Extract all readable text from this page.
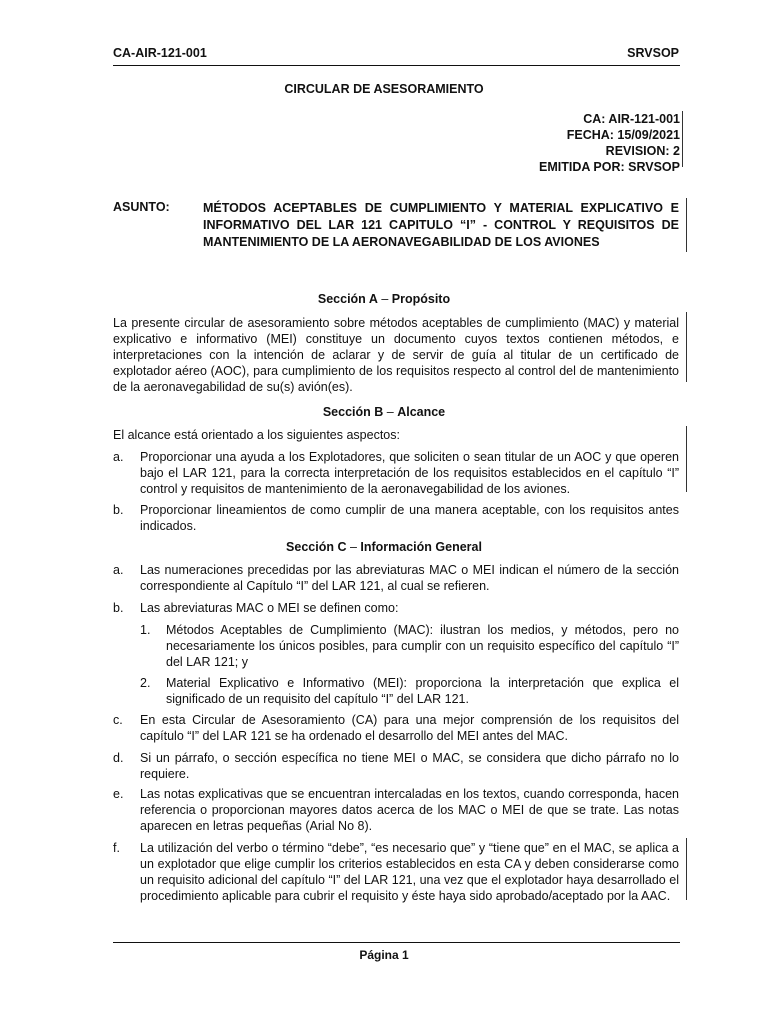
CA-AIR-121-001	SRVSOP
CIRCULAR DE ASESORAMIENTO
CA: AIR-121-001
FECHA: 15/09/2021
REVISION: 2
EMITIDA POR: SRVSOP
ASUNTO:	MÉTODOS ACEPTABLES DE CUMPLIMIENTO Y MATERIAL EXPLICATIVO E INFORMATIVO DEL LAR 121 CAPITULO “I” - CONTROL Y REQUISITOS DE MANTENIMIENTO DE LA AERONAVEGABILIDAD DE LOS AVIONES
Sección A – Propósito
La presente circular de asesoramiento sobre métodos aceptables de cumplimiento (MAC) y material explicativo e informativo (MEI) constituye un documento cuyos textos contienen métodos, e interpretaciones con la intención de aclarar y de servir de guía al titular de un certificado de explotador aéreo (AOC), para cumplimiento de los requisitos respecto al control del de mantenimiento de la aeronavegabilidad de su(s) avión(es).
Sección B – Alcance
El alcance está orientado a los siguientes aspectos:
a. Proporcionar una ayuda a los Explotadores, que soliciten o sean titular de un AOC y que operen bajo el LAR 121, para la correcta interpretación de los requisitos establecidos en el capítulo “I” control y requisitos de mantenimiento de la aeronavegabilidad de los aviones.
b. Proporcionar lineamientos de como cumplir de una manera aceptable, con los requisitos antes indicados.
Sección C – Información General
a. Las numeraciones precedidas por las abreviaturas MAC o MEI indican el número de la sección correspondiente al Capítulo “I” del LAR 121, al cual se refieren.
b. Las abreviaturas MAC o MEI se definen como:
1. Métodos Aceptables de Cumplimiento (MAC): ilustran los medios, y métodos, pero no necesariamente los únicos posibles, para cumplir con un requisito específico del capítulo “I” del LAR 121; y
2. Material Explicativo e Informativo (MEI): proporciona la interpretación que explica el significado de un requisito del capítulo “I” del LAR 121.
c. En esta Circular de Asesoramiento (CA) para una mejor comprensión de los requisitos del capítulo “I” del LAR 121 se ha ordenado el desarrollo del MEI antes del MAC.
d. Si un párrafo, o sección específica no tiene MEI o MAC, se considera que dicho párrafo no lo requiere.
e. Las notas explicativas que se encuentran intercaladas en los textos, cuando corresponda, hacen referencia o proporcionan mayores datos acerca de los MAC o MEI de que se trate. Las notas aparecen en letras pequeñas (Arial No 8).
f. La utilización del verbo o término “debe”, “es necesario que” y “tiene que” en el MAC, se aplica a un explotador que elige cumplir los criterios establecidos en esta CA y deben considerarse como un requisito adicional del capítulo “I” del LAR 121, una vez que el explotador haya desarrollado el procedimiento aplicable para cubrir el requisito y éste haya sido aprobado/aceptado por la AAC.
Página 1
